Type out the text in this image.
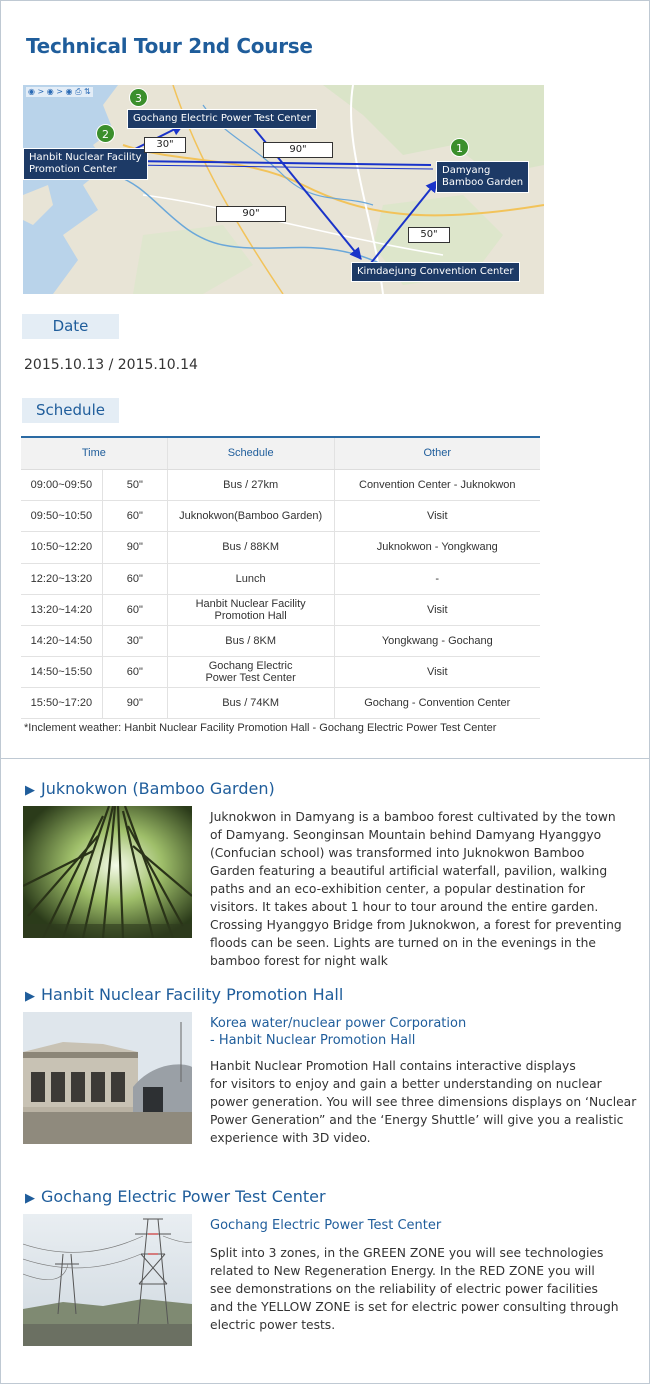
Technical Tour 2nd Course
◉ > ◉ > ◉ ⎙ ⇅
3
Gochang Electric Power Test Center
2
Hanbit Nuclear Facility
Promotion Center
1
Damyang
Bamboo Garden
Kimdaejung Convention Center
30"	90"
90"
50"
Date
2015.10.13 / 2015.10.14
Schedule
Time		Schedule	Other
09:00~09:50	50"	Bus / 27km	Convention Center - Juknokwon
09:50~10:50	60"	Juknokwon(Bamboo Garden)	Visit
10:50~12:20	90"	Bus / 88KM	Juknokwon - Yongkwang
12:20~13:20	60"	Lunch	-
13:20~14:20	60"	Hanbit Nuclear Facility
Promotion Hall	Visit
14:20~14:50	30"	Bus / 8KM	Yongkwang - Gochang
14:50~15:50	60"	Gochang Electric
Power Test Center	Visit
15:50~17:20	90"	Bus / 74KM	Gochang - Convention Center
*Inclement weather: Hanbit Nuclear Facility Promotion Hall - Gochang Electric Power Test Center
▶ Juknokwon (Bamboo Garden)
Juknokwon in Damyang is a bamboo forest cultivated by the town of Damyang. Seonginsan Mountain behind Damyang Hyanggyo (Confucian school) was transformed into Juknokwon Bamboo Garden featuring a beautiful artificial waterfall, pavilion, walking paths and an eco-exhibition center, a popular destination for visitors. It takes about 1 hour to tour around the entire garden.
Crossing Hyanggyo Bridge from Juknokwon, a forest for preventing floods can be seen. Lights are turned on in the evenings in the bamboo forest for night walk
▶ Hanbit Nuclear Facility Promotion Hall
Korea water/nuclear power Corporation
- Hanbit Nuclear Promotion Hall
Hanbit Nuclear Promotion Hall contains interactive displays
for visitors to enjoy and gain a better understanding on nuclear power generation. You will see three dimensions displays on ‘Nuclear Power Generation” and the ‘Energy Shuttle’ will give you a realistic experience with 3D video.
▶ Gochang Electric Power Test Center
Gochang Electric Power Test Center
Split into 3 zones, in the GREEN ZONE you will see technologies related to New Regeneration Energy. In the RED ZONE you will see demonstrations on the reliability of electric power facilities and the YELLOW ZONE is set for electric power consulting through
electric power tests.
